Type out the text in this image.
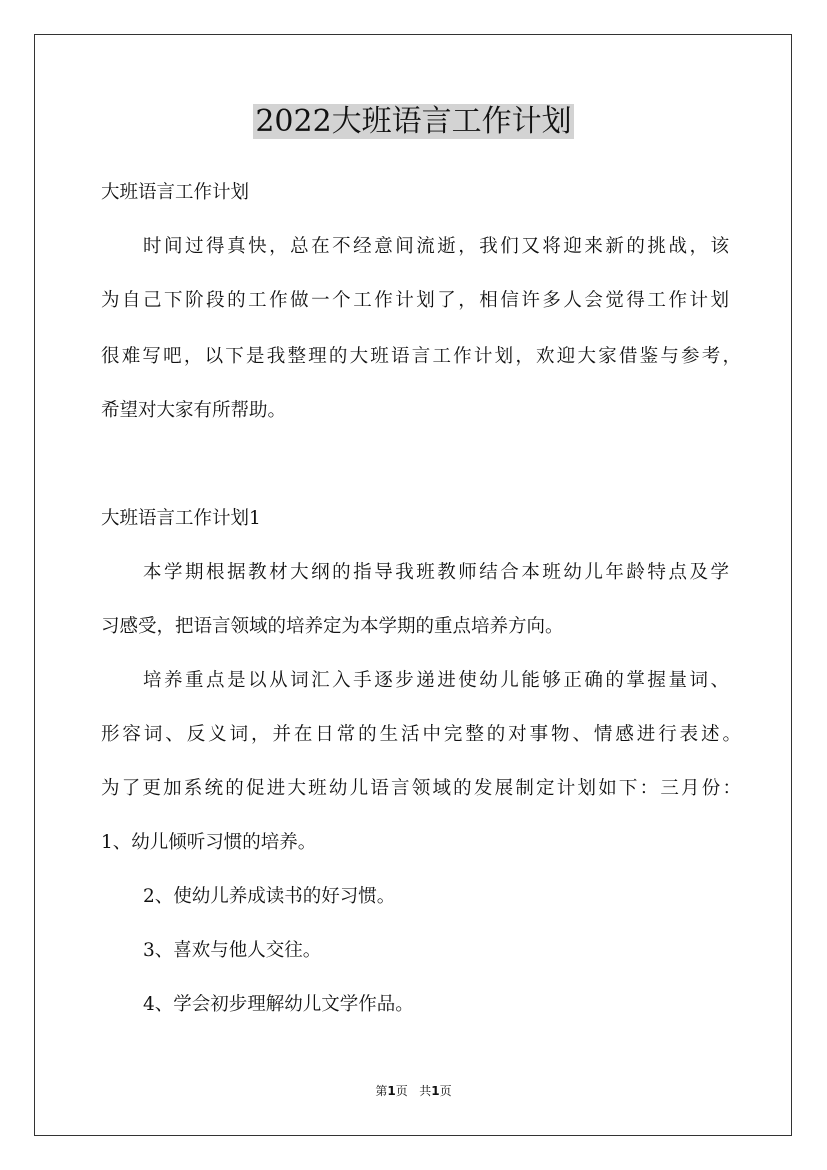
2022大班语言工作计划

大班语言工作计划

时间过得真快，总在不经意间流逝，我们又将迎来新的挑战，该

为自己下阶段的工作做一个工作计划了，相信许多人会觉得工作计划

很难写吧，以下是我整理的大班语言工作计划，欢迎大家借鉴与参考，

希望对大家有所帮助。

大班语言工作计划1

本学期根据教材大纲的指导我班教师结合本班幼儿年龄特点及学

习感受，把语言领域的培养定为本学期的重点培养方向。

培养重点是以从词汇入手逐步递进使幼儿能够正确的掌握量词、

形容词、反义词，并在日常的生活中完整的对事物、情感进行表述。

为了更加系统的促进大班幼儿语言领域的发展制定计划如下：三月份：

1、幼儿倾听习惯的培养。

2、使幼儿养成读书的好习惯。

3、喜欢与他人交往。

4、学会初步理解幼儿文学作品。

第1页   共1页
